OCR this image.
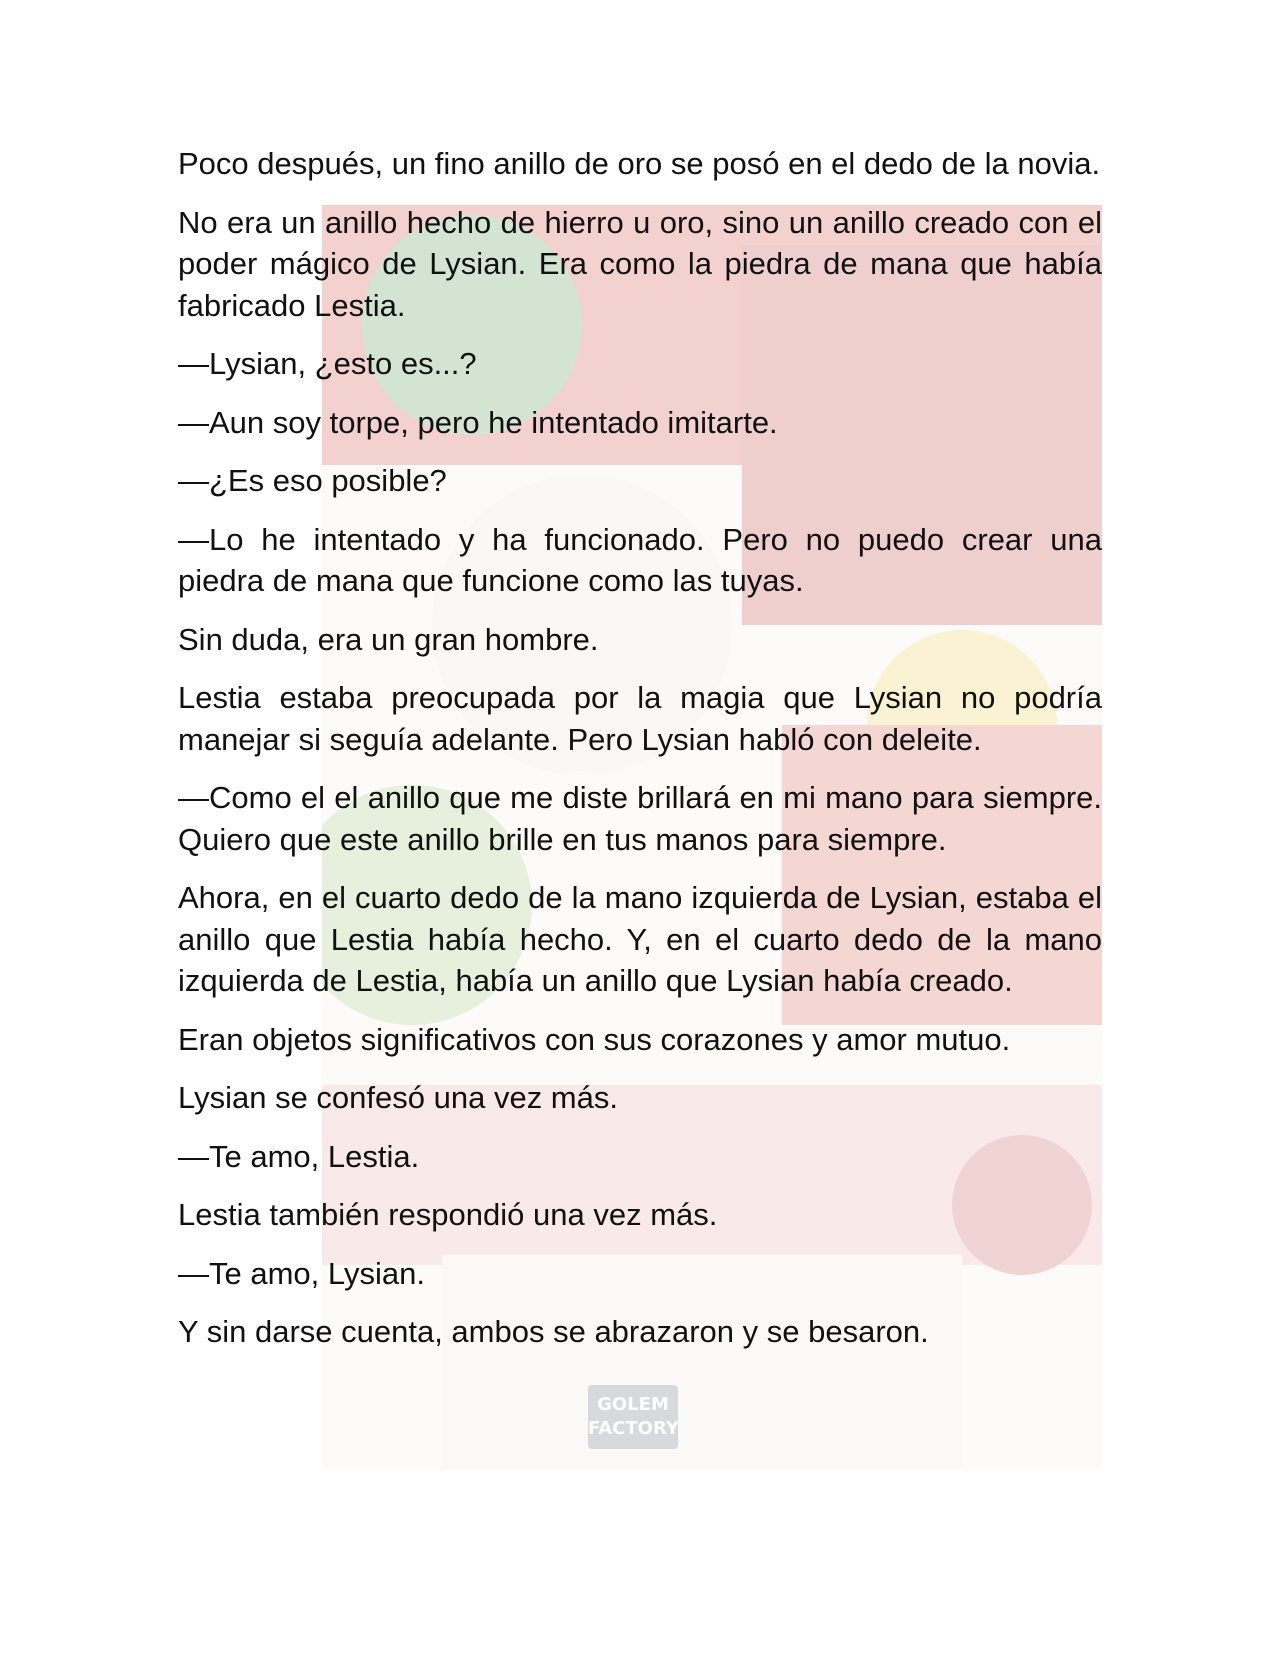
GOLEM
FACTORY

Poco después, un fino anillo de oro se posó en el dedo de la novia.

No era un anillo hecho de hierro u oro, sino un anillo creado con el poder mágico de Lysian. Era como la piedra de mana que había fabricado Lestia.

—Lysian, ¿esto es...?

—Aun soy torpe, pero he intentado imitarte.

—¿Es eso posible?

—Lo he intentado y ha funcionado. Pero no puedo crear una piedra de mana que funcione como las tuyas.

Sin duda, era un gran hombre.

Lestia estaba preocupada por la magia que Lysian no podría manejar si seguía adelante. Pero Lysian habló con deleite.

—Como el el anillo que me diste brillará en mi mano para siempre. Quiero que este anillo brille en tus manos para siempre.

Ahora, en el cuarto dedo de la mano izquierda de Lysian, estaba el anillo que Lestia había hecho. Y, en el cuarto dedo de la mano izquierda de Lestia, había un anillo que Lysian había creado.

Eran objetos significativos con sus corazones y amor mutuo.

Lysian se confesó una vez más.

—Te amo, Lestia.

Lestia también respondió una vez más.

—Te amo, Lysian.

Y sin darse cuenta, ambos se abrazaron y se besaron.
